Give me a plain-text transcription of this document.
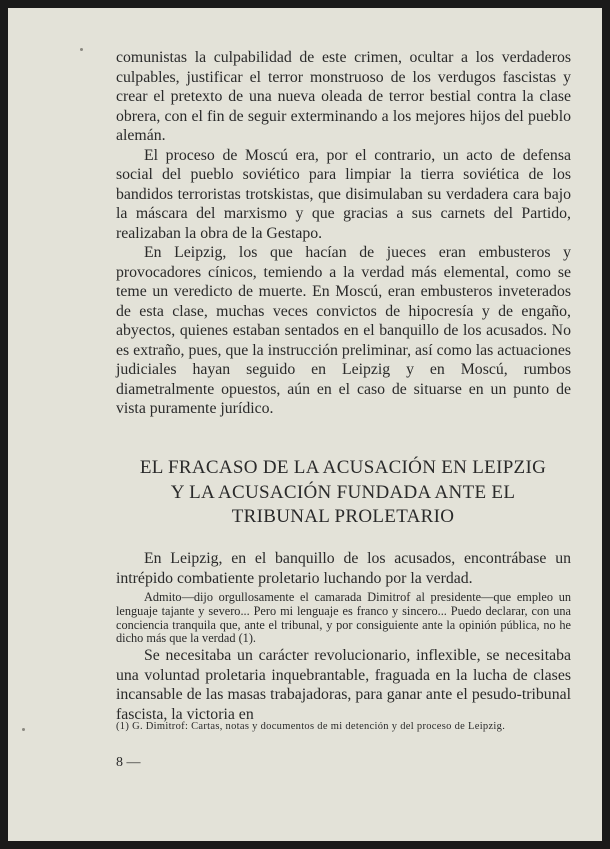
comunistas la culpabilidad de este crimen, ocultar a los verdaderos culpables, justificar el terror monstruoso de los verdugos fascistas y crear el pretexto de una nueva oleada de terror bestial contra la clase obrera, con el fin de seguir exterminando a los mejores hijos del pueblo alemán.

El proceso de Moscú era, por el contrario, un acto de defensa social del pueblo soviético para limpiar la tierra soviética de los bandidos terroristas trotskistas, que disimulaban su verdadera cara bajo la máscara del marxismo y que gracias a sus carnets del Partido, realizaban la obra de la Gestapo.

En Leipzig, los que hacían de jueces eran embusteros y provocadores cínicos, temiendo a la verdad más elemental, como se teme un veredicto de muerte. En Moscú, eran embusteros inveterados de esta clase, muchas veces convictos de hipocresía y de engaño, abyectos, quienes estaban sentados en el banquillo de los acusados. No es extraño, pues, que la instrucción preliminar, así como las actuaciones judiciales hayan seguido en Leipzig y en Moscú, rumbos diametralmente opuestos, aún en el caso de situarse en un punto de vista puramente jurídico.

EL FRACASO DE LA ACUSACIÓN EN LEIPZIG
Y LA ACUSACIÓN FUNDADA ANTE EL
TRIBUNAL PROLETARIO

En Leipzig, en el banquillo de los acusados, encontrábase un intrépido combatiente proletario luchando por la verdad.

Admito—dijo orgullosamente el camarada Dimitrof al presidente—que empleo un lenguaje tajante y severo... Pero mi lenguaje es franco y sincero... Puedo declarar, con una conciencia tranquila que, ante el tribunal, y por consiguiente ante la opinión pública, no he dicho más que la verdad (1).

Se necesitaba un carácter revolucionario, inflexible, se necesitaba una voluntad proletaria inquebrantable, fraguada en la lucha de clases incansable de las masas trabajadoras, para ganar ante el pesudo-tribunal fascista, la victoria en

(1) G. Dimitrof: Cartas, notas y documentos de mi detención y del proceso de Leipzig.
8 —
